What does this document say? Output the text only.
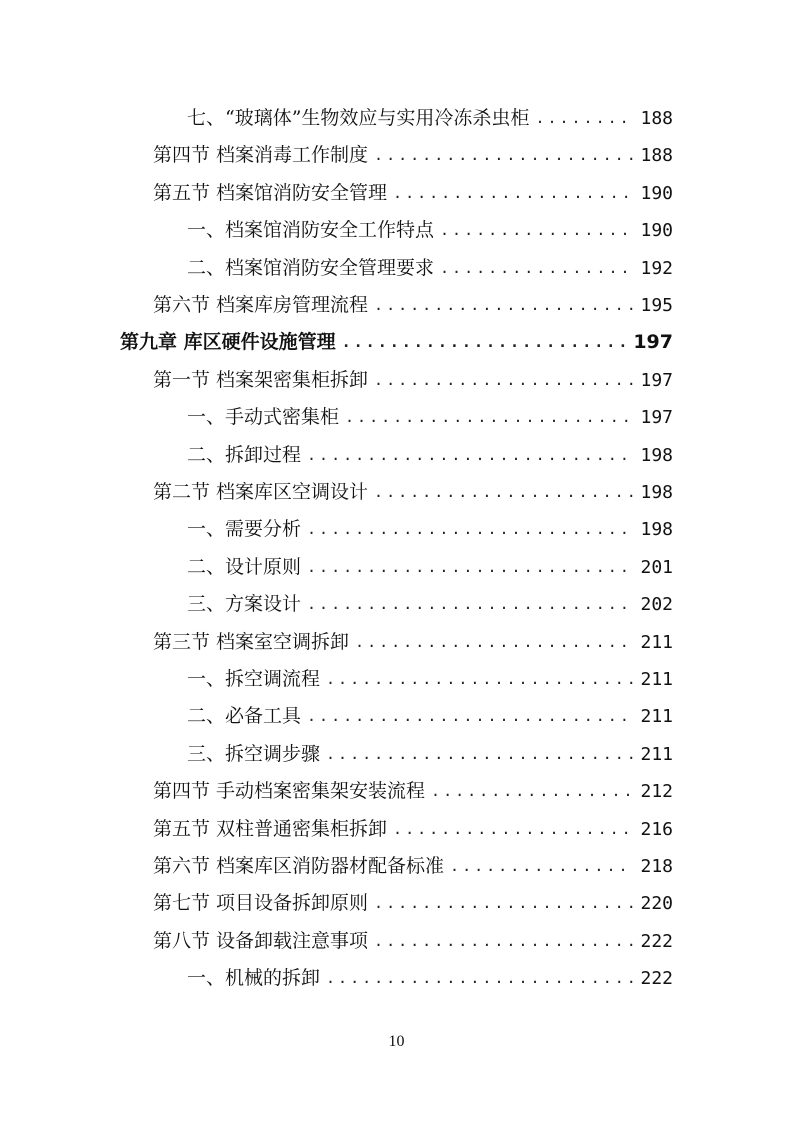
七、“玻璃体”生物效应与实用冷冻杀虫柜 .....	188
第四节 档案消毒工作制度 .....	188
第五节 档案馆消防安全管理 .....	190
一、档案馆消防安全工作特点 .....	190
二、档案馆消防安全管理要求 .....	192
第六节 档案库房管理流程 .....	195
第九章 库区硬件设施管理 .....	197
第一节 档案架密集柜拆卸 .....	197
一、手动式密集柜 .....	197
二、拆卸过程 .....	198
第二节 档案库区空调设计 .....	198
一、需要分析 .....	198
二、设计原则 .....	201
三、方案设计 .....	202
第三节 档案室空调拆卸 .....	211
一、拆空调流程 .....	211
二、必备工具 .....	211
三、拆空调步骤 .....	211
第四节 手动档案密集架安装流程 .....	212
第五节 双柱普通密集柜拆卸 .....	216
第六节 档案库区消防器材配备标准 .....	218
第七节 项目设备拆卸原则 .....	220
第八节 设备卸载注意事项 .....	222
一、机械的拆卸 .....	222
10
